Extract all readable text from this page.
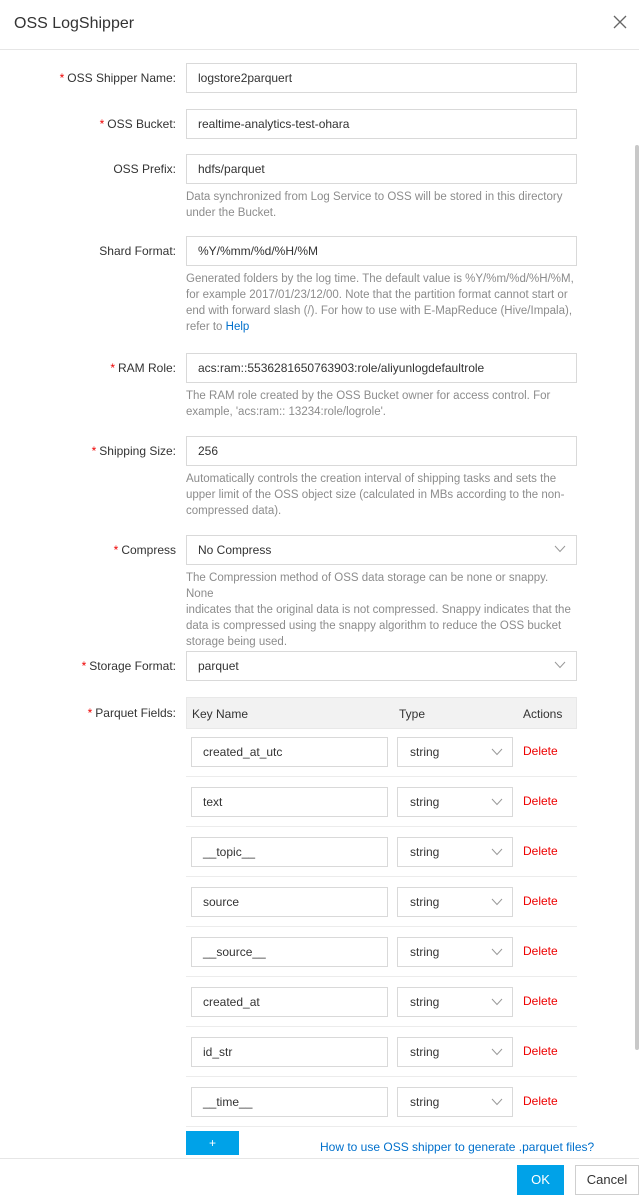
OSS LogShipper
* OSS Shipper Name:	logstore2parquert
* OSS Bucket:	realtime-analytics-test-ohara
OSS Prefix:	hdfs/parquet
Data synchronized from Log Service to OSS will be stored in this directory
under the Bucket.
Shard Format:	%Y/%mm/%d/%H/%M
Generated folders by the log time. The default value is %Y/%m/%d/%H/%M,
for example 2017/01/23/12/00. Note that the partition format cannot start or
end with forward slash (/). For how to use with E-MapReduce (Hive/Impala),
refer to Help
* RAM Role:	acs:ram::5536281650763903:role/aliyunlogdefaultrole
The RAM role created by the OSS Bucket owner for access control. For
example, 'acs:ram:: 13234:role/logrole'.
* Shipping Size:	256
Automatically controls the creation interval of shipping tasks and sets the
upper limit of the OSS object size (calculated in MBs according to the non-
compressed data).
* Compress	No Compress
The Compression method of OSS data storage can be none or snappy. None
indicates that the original data is not compressed. Snappy indicates that the
data is compressed using the snappy algorithm to reduce the OSS bucket
storage being used.
* Storage Format:	parquet
* Parquet Fields: Key Name	Type	Actions
created_at_utc	string	Delete
text	string	Delete
__topic__	string	Delete
source	string	Delete
__source__	string	Delete
created_at	string	Delete
id_str	string	Delete
__time__	string	Delete
+	How to use OSS shipper to generate .parquet files?
OK	Cancel
